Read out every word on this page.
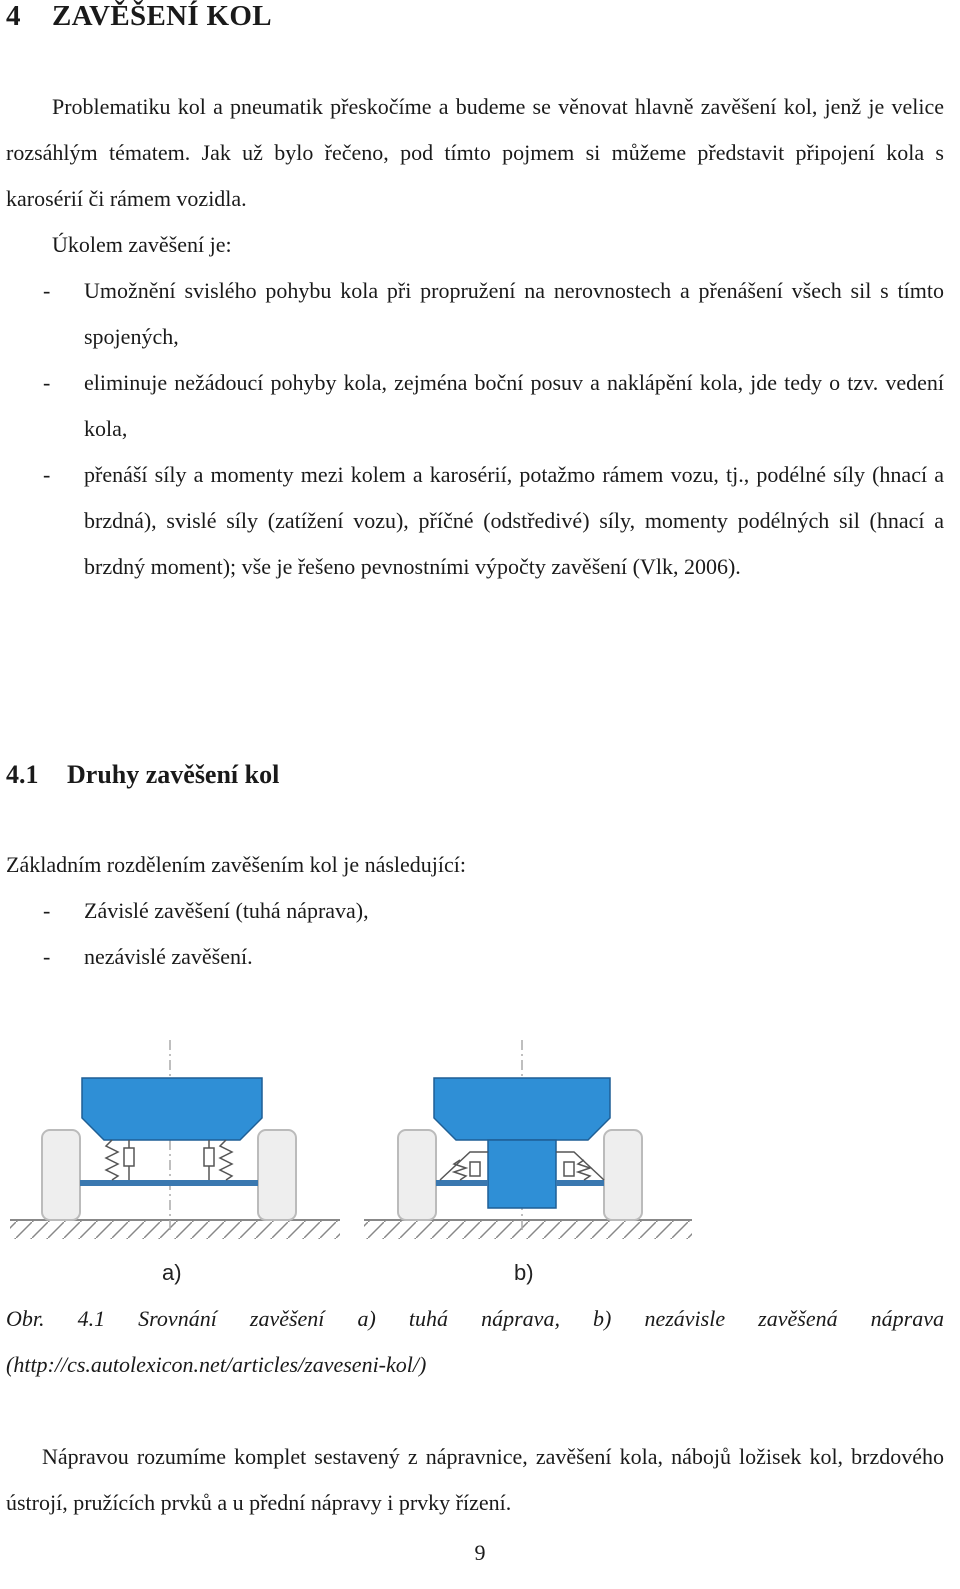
4 ZAVĚŠENÍ KOL

Problematiku kol a pneumatik přeskočíme a budeme se věnovat hlavně zavěšení kol, jenž je velice rozsáhlým tématem. Jak už bylo řečeno, pod tímto pojmem si můžeme představit připojení kola s karosérií či rámem vozidla.

Úkolem zavěšení je:

- Umožnění svislého pohybu kola při propružení na nerovnostech a přenášení všech sil s tímto spojených,
- eliminuje nežádoucí pohyby kola, zejména boční posuv a naklápění kola, jde tedy o tzv. vedení kola,
- přenáší síly a momenty mezi kolem a karosérií, potažmo rámem vozu, tj., podélné síly (hnací a brzdná), svislé síly (zatížení vozu), příčné (odstředivé) síly, momenty podélných sil (hnací a brzdný moment); vše je řešeno pevnostními výpočty zavěšení (Vlk, 2006).
4.1 Druhy zavěšení kol

Základním rozdělením zavěšením kol je následující:

- Závislé zavěšení (tuhá náprava),
- nezávislé zavěšení.
a)	b)

Obr. 4.1 Srovnání zavěšení a) tuhá náprava, b) nezávisle zavěšená náprava (http://cs.autolexicon.net/articles/zaveseni-kol/)

Nápravou rozumíme komplet sestavený z nápravnice, zavěšení kola, nábojů ložisek kol, brzdového ústrojí, pružících prvků a u přední nápravy i prvky řízení.

9
